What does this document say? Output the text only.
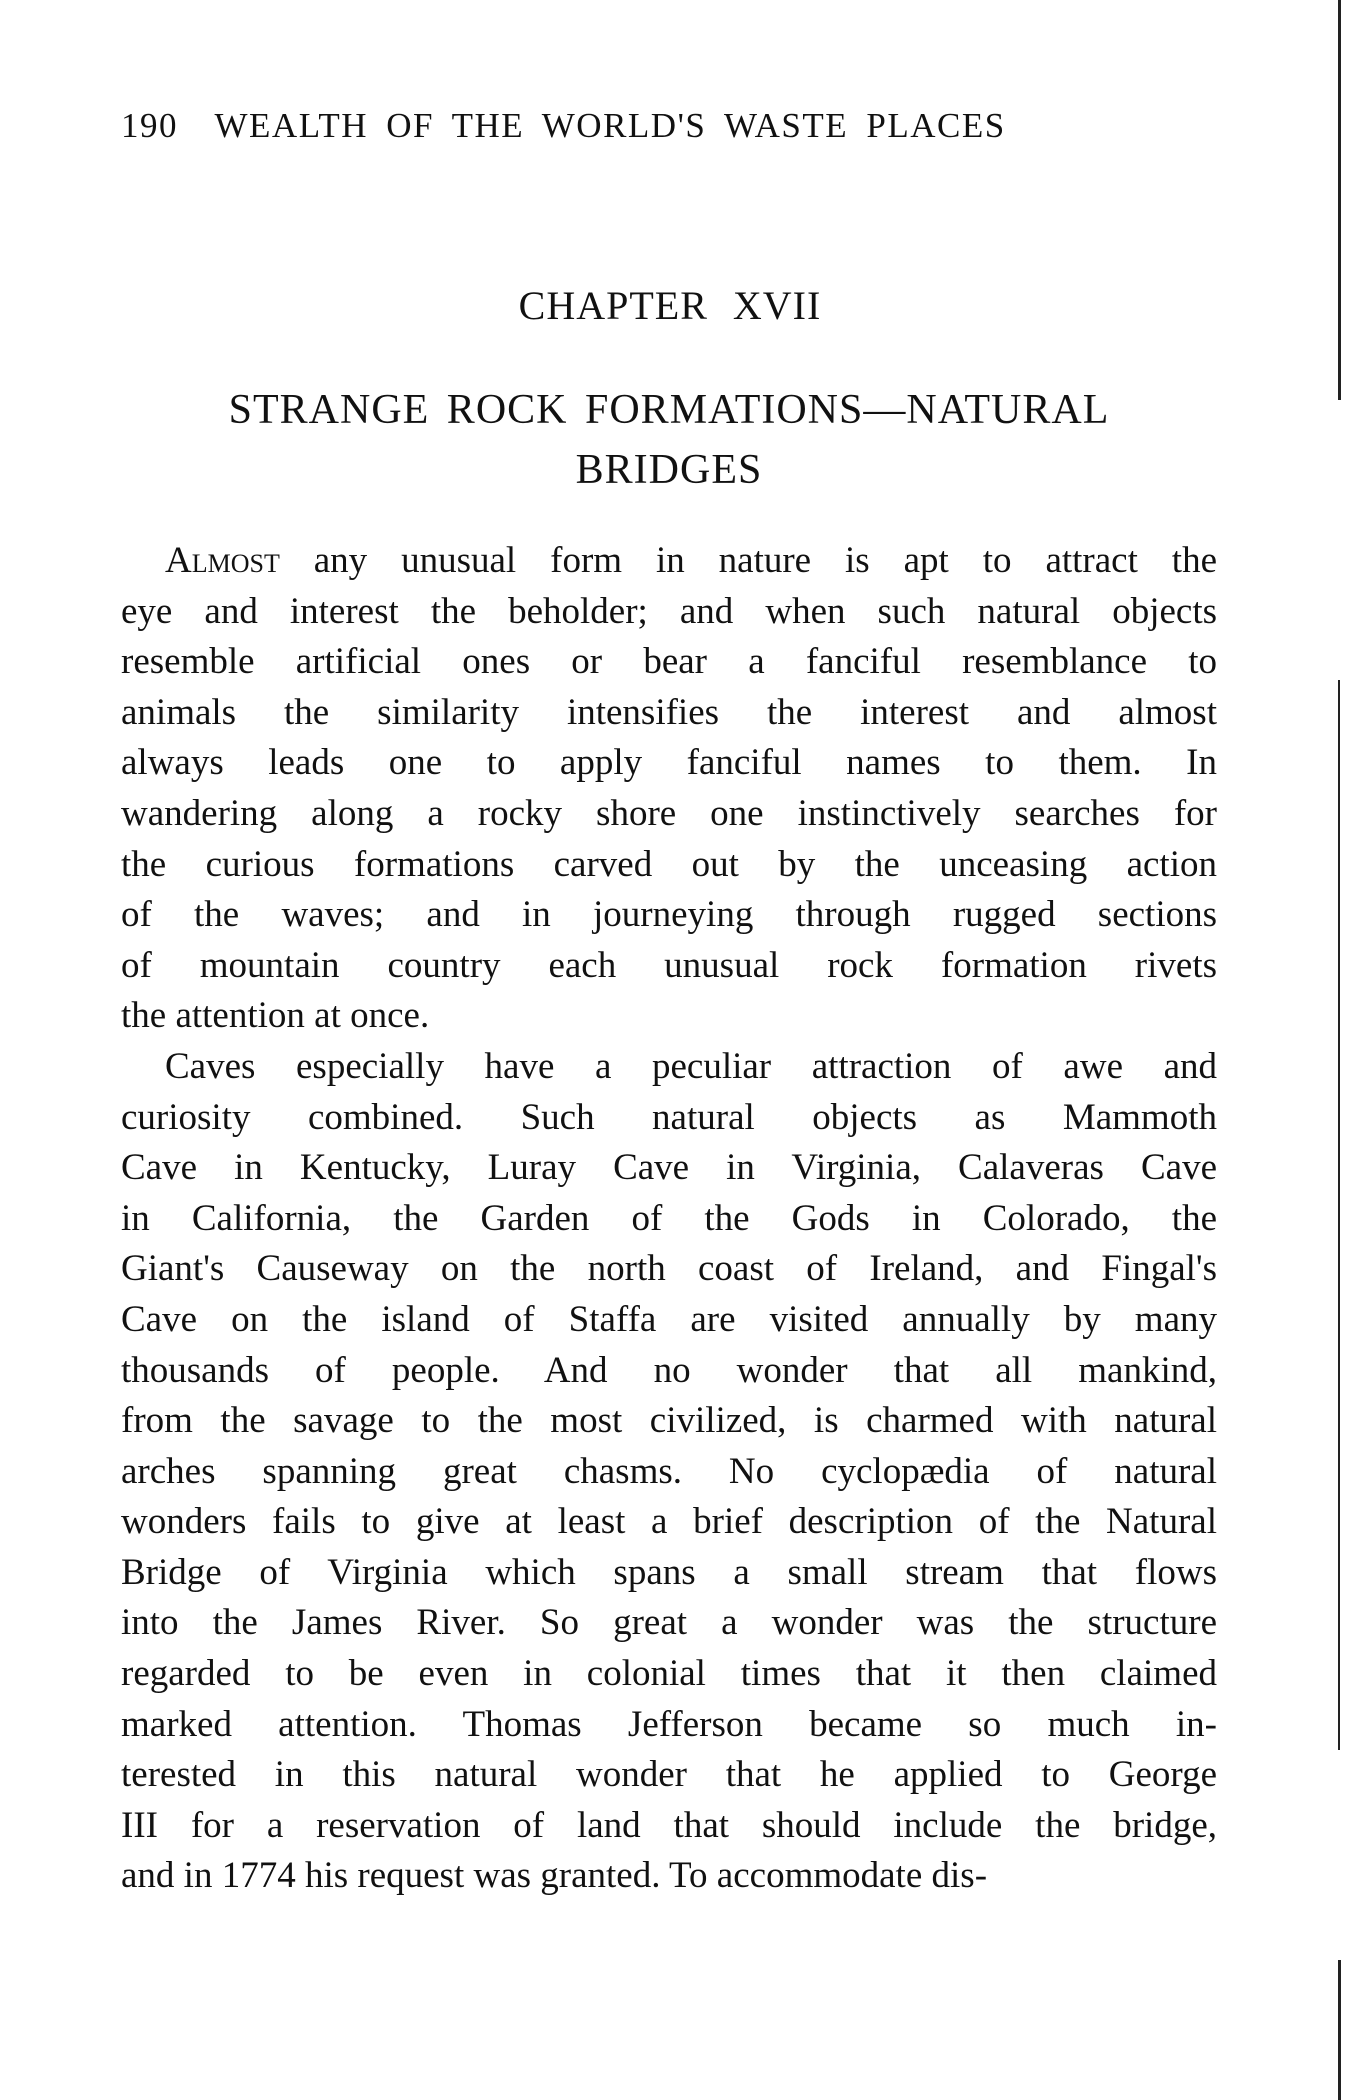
190 WEALTH OF THE WORLD'S WASTE PLACES
CHAPTER XVII
STRANGE ROCK FORMATIONS—NATURAL
BRIDGES
Almost any unusual form in nature is apt to attract the
eye and interest the beholder; and when such natural objects
resemble artificial ones or bear a fanciful resemblance to
animals the similarity intensifies the interest and almost
always leads one to apply fanciful names to them. In
wandering along a rocky shore one instinctively searches for
the curious formations carved out by the unceasing action
of the waves; and in journeying through rugged sections
of mountain country each unusual rock formation rivets
the attention at once.
Caves especially have a peculiar attraction of awe and
curiosity combined. Such natural objects as Mammoth
Cave in Kentucky, Luray Cave in Virginia, Calaveras Cave
in California, the Garden of the Gods in Colorado, the
Giant's Causeway on the north coast of Ireland, and Fingal's
Cave on the island of Staffa are visited annually by many
thousands of people. And no wonder that all mankind,
from the savage to the most civilized, is charmed with natural
arches spanning great chasms. No cyclopædia of natural
wonders fails to give at least a brief description of the Natural
Bridge of Virginia which spans a small stream that flows
into the James River. So great a wonder was the structure
regarded to be even in colonial times that it then claimed
marked attention. Thomas Jefferson became so much in-
terested in this natural wonder that he applied to George
III for a reservation of land that should include the bridge,
and in 1774 his request was granted. To accommodate dis-
